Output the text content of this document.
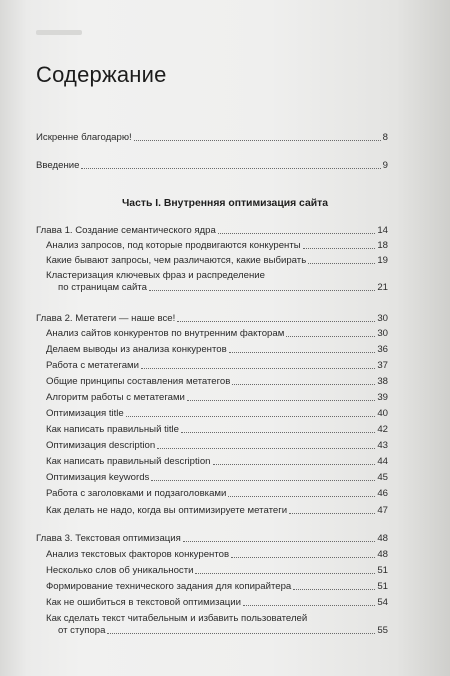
Содержание
Искренне благодарю!	8
Введение	9
Часть I. Внутренняя оптимизация сайта
Глава 1. Создание семантического ядра	14
Анализ запросов, под которые продвигаются конкуренты	18
Какие бывают запросы, чем различаются, какие выбирать	19
Кластеризация ключевых фраз и распределение
по страницам сайта	21
Глава 2. Метатеги — наше все!	30
Анализ сайтов конкурентов по внутренним факторам	30
Делаем выводы из анализа конкурентов	36
Работа с метатегами	37
Общие принципы составления метатегов	38
Алгоритм работы с метатегами	39
Оптимизация title	40
Как написать правильный title	42
Оптимизация description	43
Как написать правильный description	44
Оптимизация keywords	45
Работа с заголовками и подзаголовками	46
Как делать не надо, когда вы оптимизируете метатеги	47
Глава 3. Текстовая оптимизация	48
Анализ текстовых факторов конкурентов	48
Несколько слов об уникальности	51
Формирование технического задания для копирайтера	51
Как не ошибиться в текстовой оптимизации	54
Как сделать текст читабельным и избавить пользователей
от ступора	55
